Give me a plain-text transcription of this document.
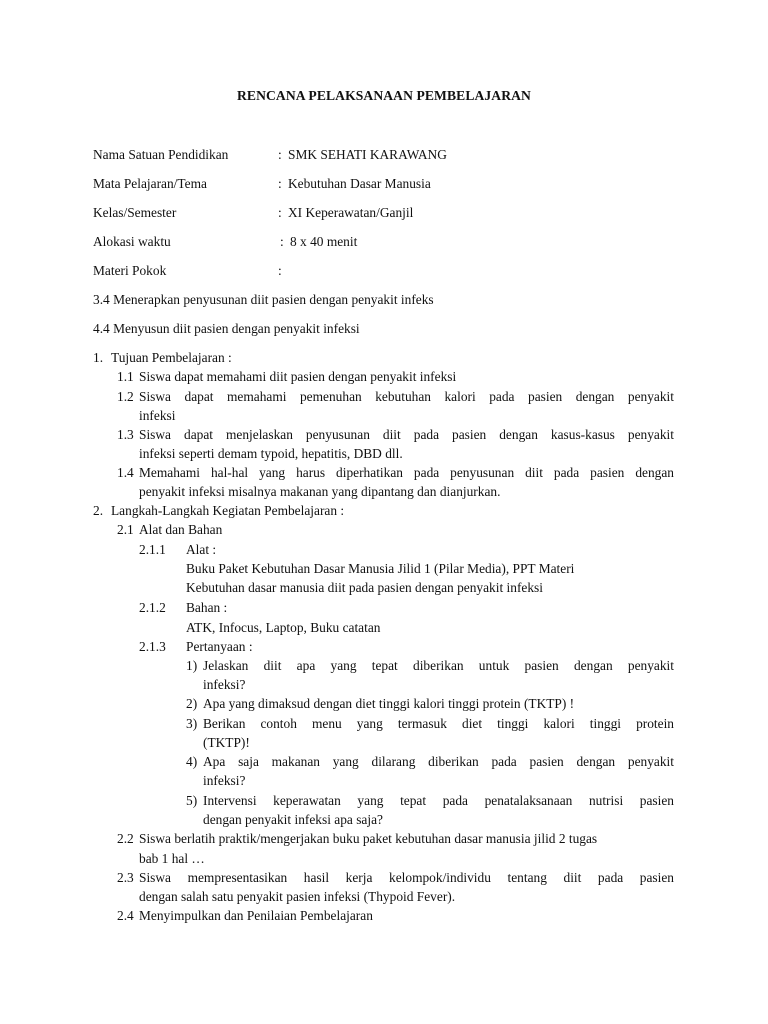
RENCANA PELAKSANAAN PEMBELAJARAN
Nama Satuan Pendidikan	: SMK SEHATI KARAWANG
Mata Pelajaran/Tema	: Kebutuhan Dasar Manusia
Kelas/Semester	: XI Keperawatan/Ganjil
Alokasi waktu	: 8 x 40 menit
Materi Pokok	:
3.4 Menerapkan penyusunan diit pasien dengan penyakit infeks
4.4 Menyusun diit pasien dengan penyakit infeksi
1. Tujuan Pembelajaran :
1.1 Siswa dapat memahami diit pasien dengan penyakit infeksi
1.2 Siswa dapat memahami pemenuhan kebutuhan kalori pada pasien dengan penyakit
infeksi
1.3 Siswa dapat menjelaskan penyusunan diit pada pasien dengan kasus-kasus penyakit
infeksi seperti demam typoid, hepatitis, DBD dll.
1.4 Memahami hal-hal yang harus diperhatikan pada penyusunan diit pada pasien dengan
penyakit infeksi misalnya makanan yang dipantang dan dianjurkan.
2. Langkah-Langkah Kegiatan Pembelajaran :
2.1 Alat dan Bahan
2.1.1 Alat :
Buku Paket Kebutuhan Dasar Manusia Jilid 1 (Pilar Media), PPT Materi
Kebutuhan dasar manusia diit pada pasien dengan penyakit infeksi
2.1.2 Bahan :
ATK, Infocus, Laptop, Buku catatan
2.1.3 Pertanyaan :
1) Jelaskan diit apa yang tepat diberikan untuk pasien dengan penyakit
infeksi?
2) Apa yang dimaksud dengan diet tinggi kalori tinggi protein (TKTP) !
3) Berikan contoh menu yang termasuk diet tinggi kalori tinggi protein
(TKTP)!
4) Apa saja makanan yang dilarang diberikan pada pasien dengan penyakit
infeksi?
5) Intervensi keperawatan yang tepat pada penatalaksanaan nutrisi pasien
dengan penyakit infeksi apa saja?
2.2 Siswa berlatih praktik/mengerjakan buku paket kebutuhan dasar manusia jilid 2 tugas
bab 1 hal …
2.3 Siswa mempresentasikan hasil kerja kelompok/individu tentang diit pada pasien
dengan salah satu penyakit pasien infeksi (Thypoid Fever).
2.4 Menyimpulkan dan Penilaian Pembelajaran
